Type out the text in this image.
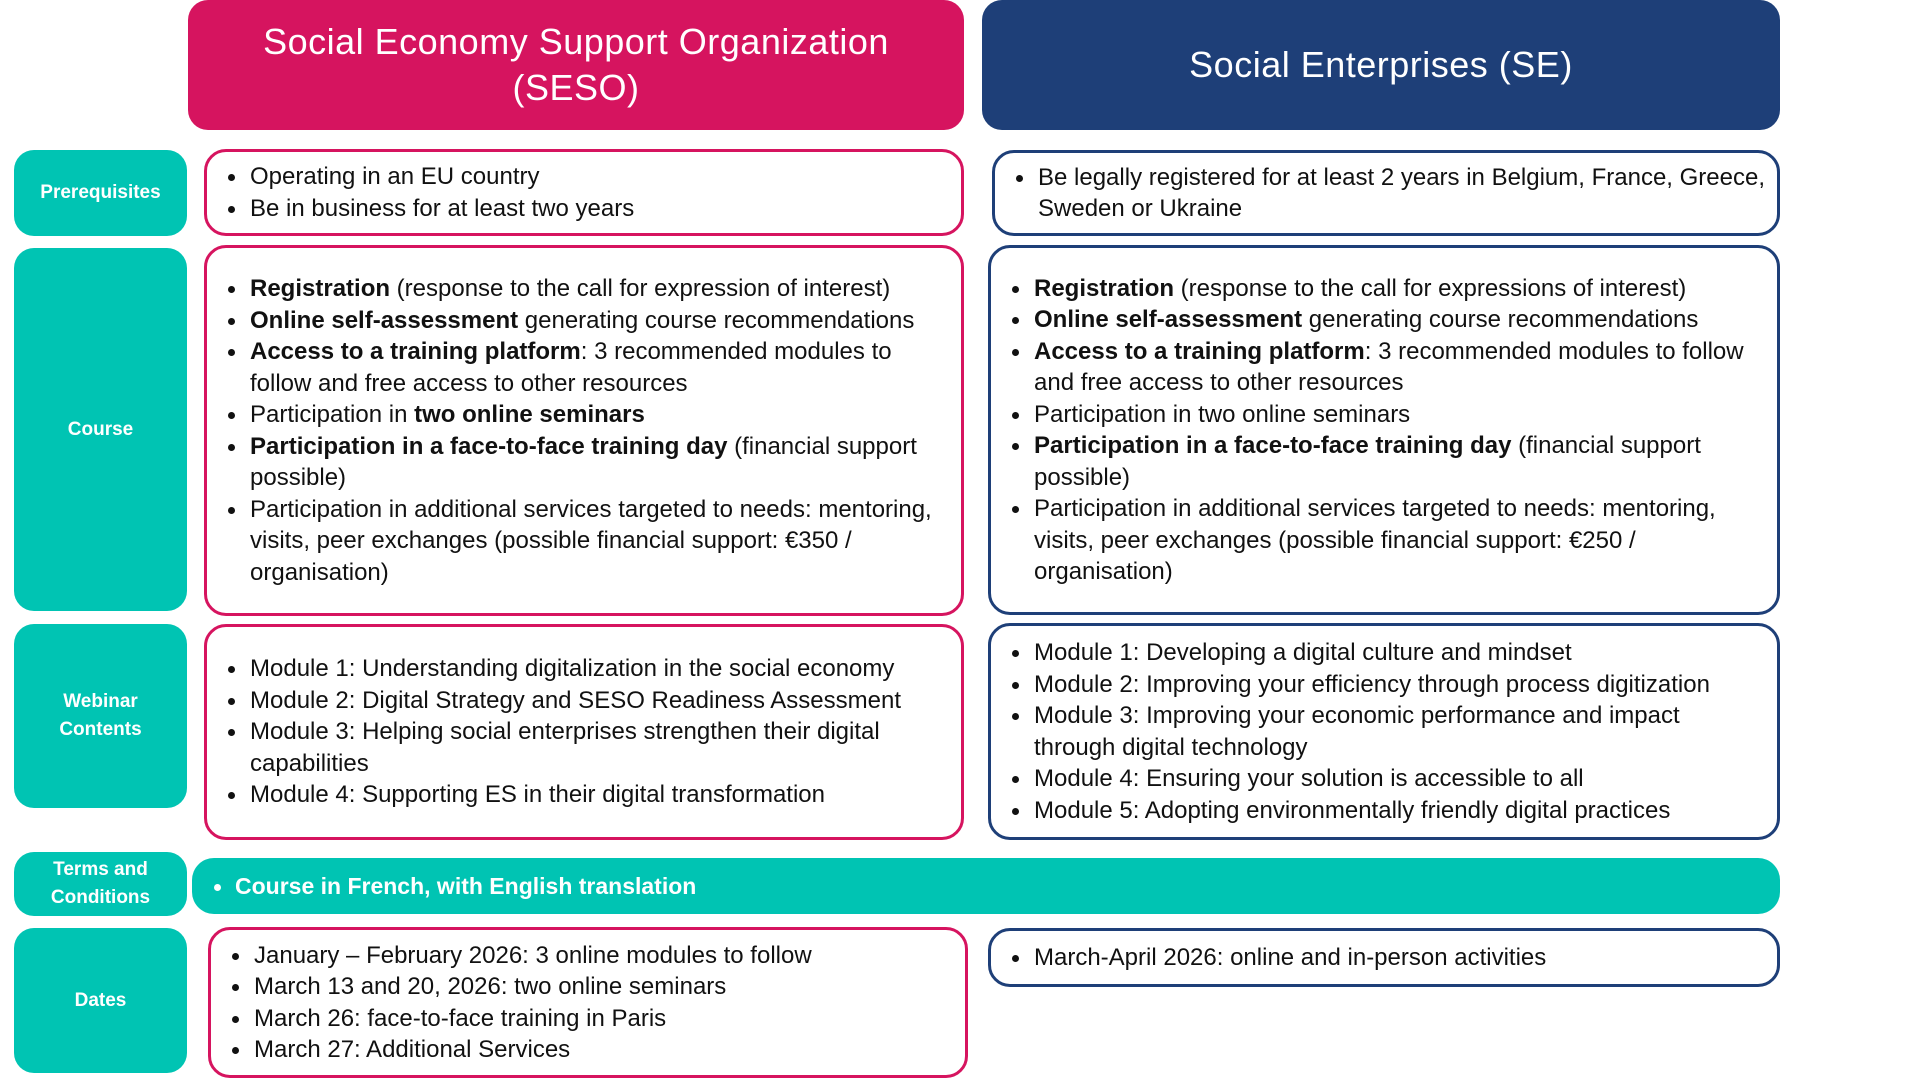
Social Economy Support Organization (SESO)
Social Enterprises (SE)
Prerequisites
Course
Webinar Contents
Terms and Conditions
Dates
Operating in an EU country
Be in business for at least two years
Be legally registered for at least 2 years in Belgium, France, Greece, Sweden or Ukraine
Registration (response to the call for expression of interest)
Online self-assessment generating course recommendations
Access to a training platform: 3 recommended modules to follow and free access to other resources
Participation in two online seminars
Participation in a face-to-face training day (financial support possible)
Participation in additional services targeted to needs: mentoring, visits, peer exchanges (possible financial support: €350 / organisation)
Registration (response to the call for expressions of interest)
Online self-assessment generating course recommendations
Access to a training platform: 3 recommended modules to follow and free access to other resources
Participation in two online seminars
Participation in a face-to-face training day (financial support possible)
Participation in additional services targeted to needs: mentoring, visits, peer exchanges (possible financial support: €250 / organisation)
Module 1: Understanding digitalization in the social economy
Module 2: Digital Strategy and SESO Readiness Assessment
Module 3: Helping social enterprises strengthen their digital capabilities
Module 4: Supporting ES in their digital transformation
Module 1: Developing a digital culture and mindset
Module 2: Improving your efficiency through process digitization
Module 3: Improving your economic performance and impact through digital technology
Module 4: Ensuring your solution is accessible to all
Module 5: Adopting environmentally friendly digital practices
Course in French, with English translation
January – February 2026: 3 online modules to follow
March 13 and 20, 2026: two online seminars
March 26: face-to-face training in Paris
March 27: Additional Services
March-April 2026: online and in-person activities
